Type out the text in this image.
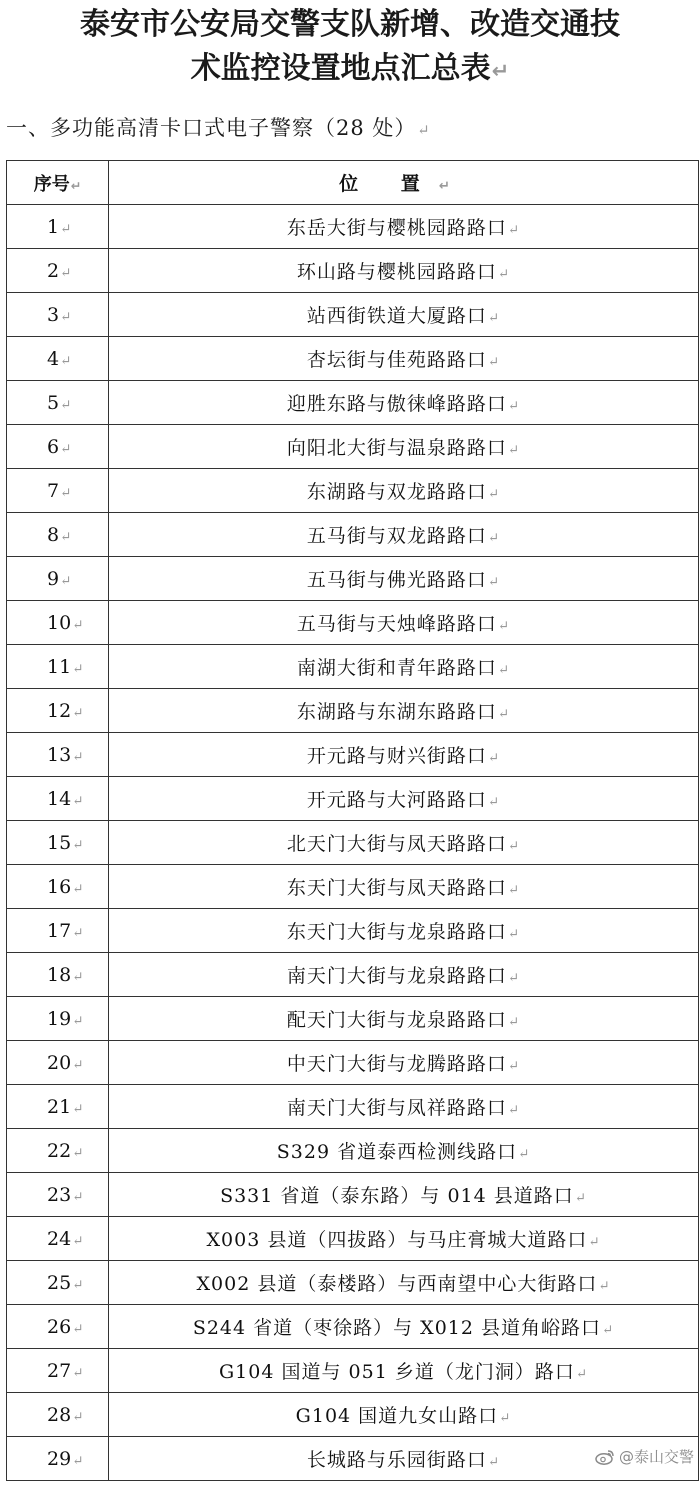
泰安市公安局交警支队新增、改造交通技
术监控设置地点汇总表↵
一、多功能高清卡口式电子警察（28 处）↵
序号↵	位 置↵
1↵	东岳大街与樱桃园路路口↵
2↵	环山路与樱桃园路路口↵
3↵	站西街铁道大厦路口↵
4↵	杏坛街与佳苑路路口↵
5↵	迎胜东路与傲徕峰路路口↵
6↵	向阳北大街与温泉路路口↵
7↵	东湖路与双龙路路口↵
8↵	五马街与双龙路路口↵
9↵	五马街与佛光路路口↵
10↵	五马街与天烛峰路路口↵
11↵	南湖大街和青年路路口↵
12↵	东湖路与东湖东路路口↵
13↵	开元路与财兴街路口↵
14↵	开元路与大河路路口↵
15↵	北天门大街与凤天路路口↵
16↵	东天门大街与凤天路路口↵
17↵	东天门大街与龙泉路路口↵
18↵	南天门大街与龙泉路路口↵
19↵	配天门大街与龙泉路路口↵
20↵	中天门大街与龙腾路路口↵
21↵	南天门大街与凤祥路路口↵
22↵	S329 省道泰西检测线路口↵
23↵	S331 省道（泰东路）与 014 县道路口↵
24↵	X003 县道（四拔路）与马庄膏城大道路口↵
25↵	X002 县道（泰楼路）与西南望中心大街路口↵
26↵	S244 省道（枣徐路）与 X012 县道角峪路口↵
27↵	G104 国道与 051 乡道（龙门洞）路口↵
28↵	G104 国道九女山路口↵
29↵	长城路与乐园街路口↵	@泰山交警
